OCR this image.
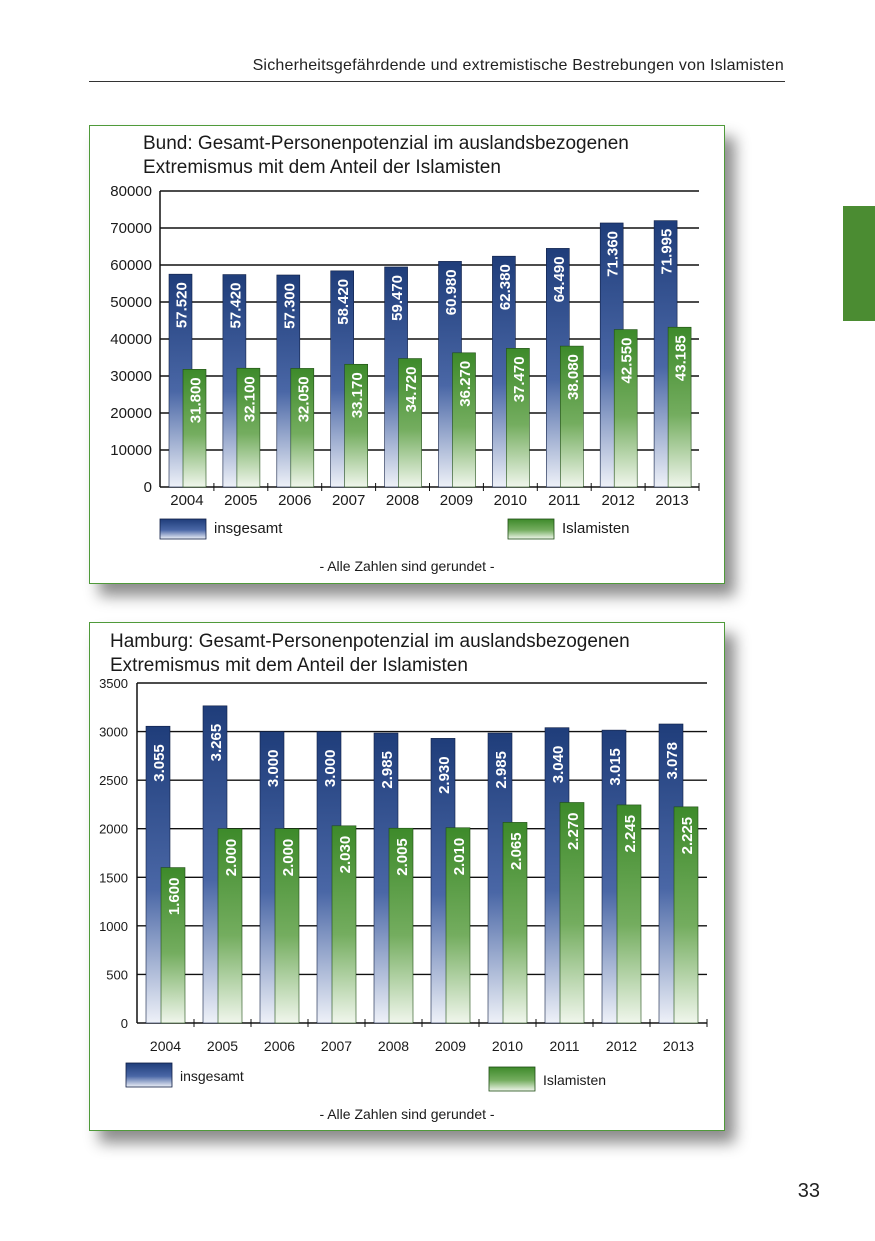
Sicherheitsgefährdende und extremistische Bestrebungen von Islamisten
Bund: Gesamt-Personenpotenzial im auslandsbezogenen
Extremismus mit dem Anteil der Islamisten
0
10000
20000
30000
40000
50000
60000
70000
80000
57.520
31.800
2004
57.420
32.100
2005
57.300
32.050
2006
58.420
33.170
2007
59.470
34.720
2008
60.980
36.270
2009
62.380
37.470
2010
64.490
38.080
2011
71.360
42.550
2012
71.995
43.185
2013
insgesamt	Islamisten
- Alle Zahlen sind gerundet -
Hamburg: Gesamt-Personenpotenzial im auslandsbezogenen
Extremismus mit dem Anteil der Islamisten
0
500
1000
1500
2000
2500
3000
3500
3.055
1.600
2004
3.265
2.000
2005
3.000
2.000
2006
3.000
2.030
2007
2.985
2.005
2008
2.930
2.010
2009
2.985
2.065
2010
3.040
2.270
2011
3.015
2.245
2012
3.078
2.225
2013
insgesamt	Islamisten
- Alle Zahlen sind gerundet -
33
